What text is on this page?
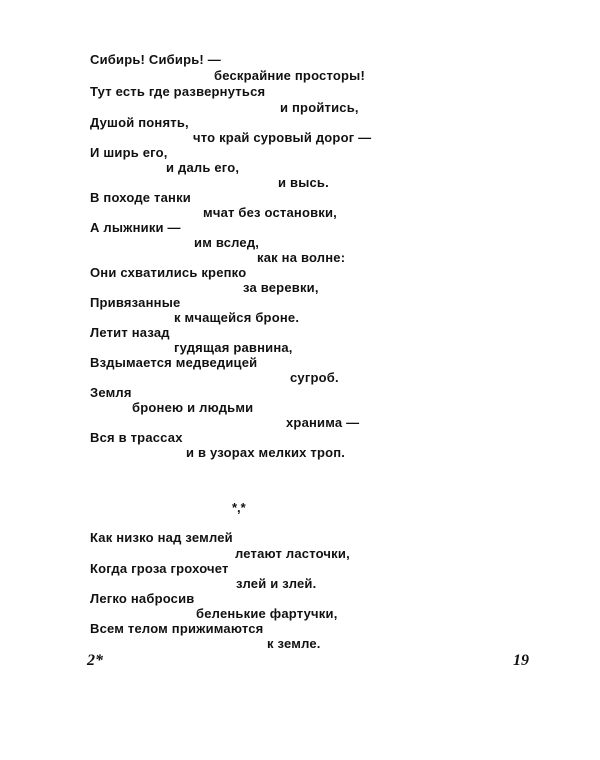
Сибирь! Сибирь! —
бескрайние просторы!
Тут есть где развернуться
и пройтись,
Душой понять,
что край суровый дорог —
И ширь его,
и даль его,
и высь.
В походе танки
мчат без остановки,
А лыжники —
им вслед,
как на волне:
Они схватились крепко
за веревки,
Привязанные
к мчащейся броне.
Летит назад
гудящая равнина,
Вздымается медведицей
сугроб.
Земля
бронею и людьми
хранима —
Вся в трассах
и в узорах мелких троп.
*,*
Как низко над землей
летают ласточки,
Когда гроза грохочет
злей и злей.
Легко набросив
беленькие фартучки,
Всем телом прижимаются
к земле.
2*	19
